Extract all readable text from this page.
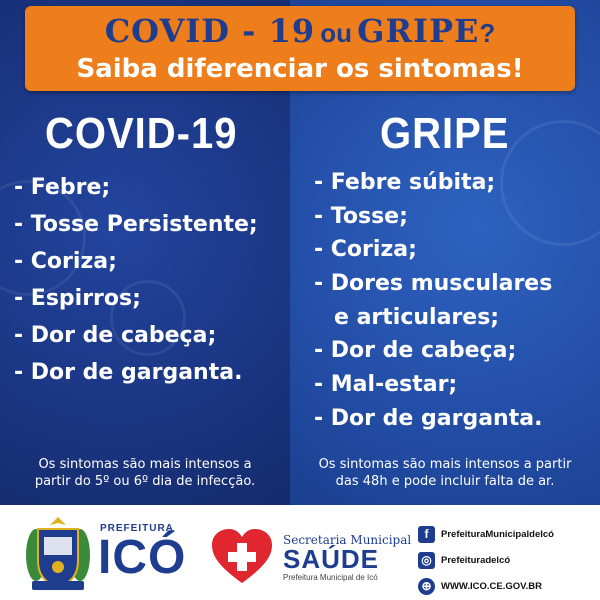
COVID - 19 ou GRIPE?
Saiba diferenciar os sintomas!
COVID-19	GRIPE
- Febre;
- Tosse Persistente;
- Coriza;
- Espirros;
- Dor de cabeça;
- Dor de garganta.
- Febre súbita;
- Tosse;
- Coriza;
- Dores musculares
e articulares;
- Dor de cabeça;
- Mal-estar;
- Dor de garganta.
Os sintomas são mais intensos a
partir do 5º ou 6º dia de infecção.
Os sintomas são mais intensos a partir
das 48h e pode incluir falta de ar.
PREFEITURA
ICÓ	Secretaria Municipal
SAÚDE
Prefeitura Municipal de Icó
f	PrefeituraMunicipaldeIcó
◎ Prefeituradelcó
⊕ WWW.ICO.CE.GOV.BR
